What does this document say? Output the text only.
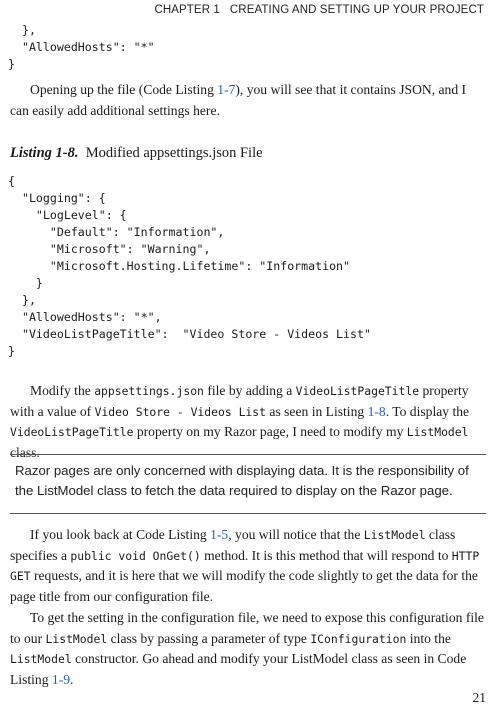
CHAPTER 1 CREATING AND SETTING UP YOUR PROJECT
},
"AllowedHosts": "*"
}

Opening up the file (Code Listing 1-7), you will see that it contains JSON, and I can easily add additional settings here.

Listing 1-8. Modified appsettings.json File

{
"Logging": {
"LogLevel": {
"Default": "Information",
"Microsoft": "Warning",
"Microsoft.Hosting.Lifetime": "Information"
}
},
"AllowedHosts": "*",
"VideoListPageTitle":  "Video Store - Videos List"
}

Modify the appsettings.json file by adding a VideoListPageTitle property with a value of Video Store - Videos List as seen in Listing 1-8. To display the VideoListPageTitle property on my Razor page, I need to modify my ListModel class.

Razor pages are only concerned with displaying data. It is the responsibility of the ListModel class to fetch the data required to display on the Razor page.

If you look back at Code Listing 1-5, you will notice that the ListModel class specifies a public void OnGet() method. It is this method that will respond to HTTP GET requests, and it is here that we will modify the code slightly to get the data for the page title from our configuration file.

To get the setting in the configuration file, we need to expose this configuration file to our ListModel class by passing a parameter of type IConfiguration into the ListModel constructor. Go ahead and modify your ListModel class as seen in Code Listing 1-9.

21
